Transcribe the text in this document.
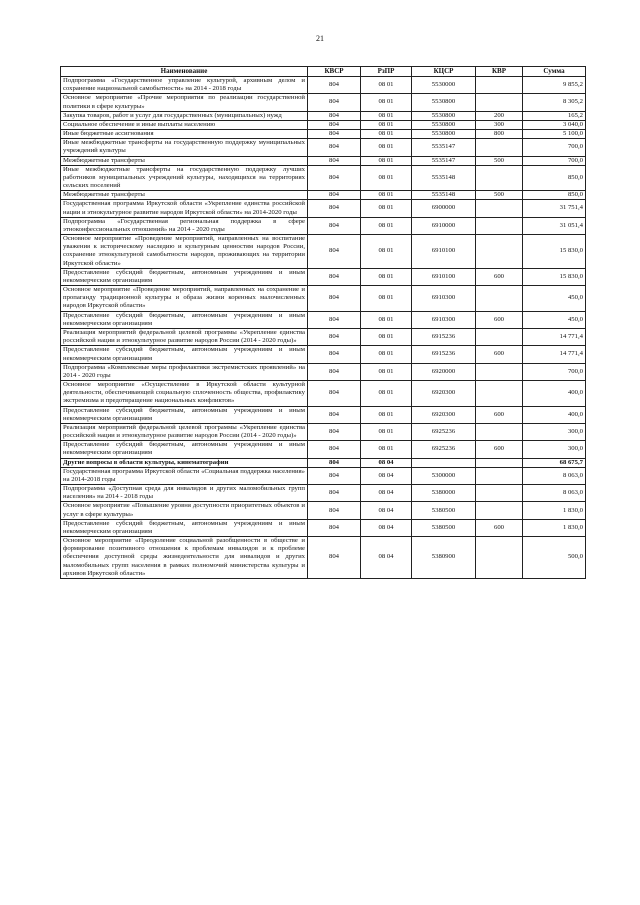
21
Наименование	КВСР	РзПР	КЦСР	КВР	Сумма
Подпрограмма «Государственное управление культурой, архивным делом и сохранение национальной самобытности» на 2014 - 2018 годы	804	08 01	5530000		9 855,2
Основное мероприятие «Прочие мероприятия по реализации государственной политики в сфере культуры»	804	08 01	5530800		8 305,2
Закупка товаров, работ и услуг для государственных (муниципальных) нужд	804	08 01	5530800	200	165,2
Социальное обеспечение и иные выплаты населению	804	08 01	5530800	300	3 040,0
Иные бюджетные ассигнования	804	08 01	5530800	800	5 100,0
Иные межбюджетные трансферты на государственную поддержку муниципальных учреждений культуры	804	08 01	5535147		700,0
Межбюджетные трансферты	804	08 01	5535147	500	700,0
Иные межбюджетные трансферты на государственную поддержку лучших работников муниципальных учреждений культуры, находящихся на территориях сельских поселений	804	08 01	5535148		850,0
Межбюджетные трансферты	804	08 01	5535148	500	850,0
Государственная программа Иркутской области «Укрепление единства российской нации и этнокультурное развитие народов Иркутской области» на 2014-2020 годы	804	08 01	6900000		31 751,4
Подпрограмма «Государственная региональная поддержка в сфере этноконфессиональных отношений» на 2014 - 2020 годы	804	08 01	6910000		31 051,4
Основное мероприятие «Проведение мероприятий, направленных на воспитание уважения к историческому наследию и культурным ценностям народов России, сохранение этнокультурной самобытности народов, проживающих на территории Иркутской области»	804	08 01	6910100		15 830,0
Предоставление субсидий бюджетным, автономным учреждениям и иным некоммерческим организациям	804	08 01	6910100	600	15 830,0
Основное мероприятие «Проведение мероприятий, направленных на сохранение и пропаганду традиционной культуры и образа жизни коренных малочисленных народов Иркутской области»	804	08 01	6910300		450,0
Предоставление субсидий бюджетным, автономным учреждениям и иным некоммерческим организациям	804	08 01	6910300	600	450,0
Реализация мероприятий федеральной целевой программы «Укрепление единства российской нации и этнокультурное развитие народов России (2014 - 2020 годы)»	804	08 01	6915236		14 771,4
Предоставление субсидий бюджетным, автономным учреждениям и иным некоммерческим организациям	804	08 01	6915236	600	14 771,4
Подпрограмма «Комплексные меры профилактики экстремистских проявлений» на 2014 - 2020 годы	804	08 01	6920000		700,0
Основное мероприятие «Осуществление в Иркутской области культурной деятельности, обеспечивающей социальную сплоченность общества, профилактику экстремизма и предотвращение национальных конфликтов»	804	08 01	6920300		400,0
Предоставление субсидий бюджетным, автономным учреждениям и иным некоммерческим организациям	804	08 01	6920300	600	400,0
Реализация мероприятий федеральной целевой программы «Укрепление единства российской нации и этнокультурное развитие народов России (2014 - 2020 годы)»	804	08 01	6925236		300,0
Предоставление субсидий бюджетным, автономным учреждениям и иным некоммерческим организациям	804	08 01	6925236	600	300,0
Другие вопросы в области культуры, кинематографии	804	08 04			68 675,7
Государственная программа Иркутской области «Социальная поддержка населения» на 2014-2018 годы	804	08 04	5300000		8 063,0
Подпрограмма «Доступная среда для инвалидов и других маломобильных групп населения» на 2014 - 2018 годы	804	08 04	5380000		8 063,0
Основное мероприятие «Повышение уровня доступности приоритетных объектов и услуг в сфере культуры»	804	08 04	5380500		1 830,0
Предоставление субсидий бюджетным, автономным учреждениям и иным некоммерческим организациям	804	08 04	5380500	600	1 830,0
Основное мероприятие «Преодоление социальной разобщенности в обществе и формирование позитивного отношения к проблемам инвалидов и к проблеме обеспечения доступной среды жизнедеятельности для инвалидов и других маломобильных групп населения в рамках полномочий министерства культуры и архивов Иркутской области»	804	08 04	5380900		500,0
